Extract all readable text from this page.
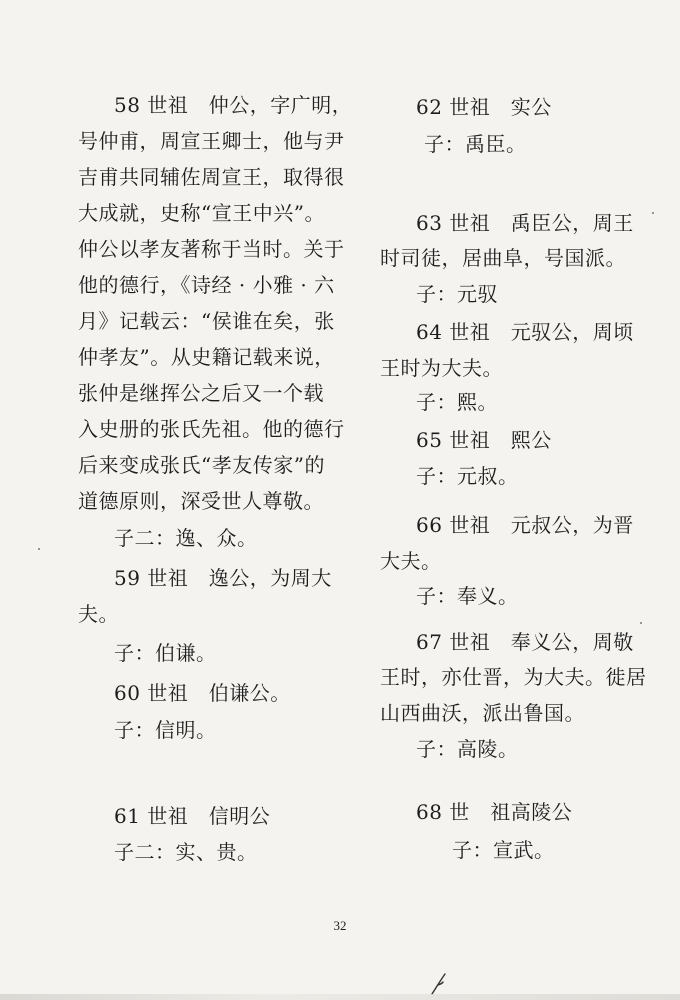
58 世祖　仲公，字广明，
号仲甫，周宣王卿士，他与尹
吉甫共同辅佐周宣王，取得很
大成就，史称“宣王中兴”。
仲公以孝友著称于当时。关于
他的德行，《诗经 · 小雅 · 六
月》记载云：“侯谁在矣，张
仲孝友”。从史籍记载来说，
张仲是继挥公之后又一个载
入史册的张氏先祖。他的德行
后来变成张氏“孝友传家”的
道德原则，深受世人尊敬。
子二：逸、众。
59 世祖　逸公，为周大
夫。
子：伯谦。
60 世祖　伯谦公。
子：信明。
61 世祖　信明公
子二：实、贵。
62 世祖　实公
子：禹臣。
63 世祖　禹臣公，周王
时司徒，居曲阜，号国派。
子：元驭
64 世祖　元驭公，周顷
王时为大夫。
子：熙。
65 世祖　熙公
子：元叔。
66 世祖　元叔公，为晋
大夫。
子：奉义。
67 世祖　奉义公，周敬
王时，亦仕晋，为大夫。徙居
山西曲沃，派出鲁国。
子：高陵。
68 世　祖高陵公
子：宣武。
32
